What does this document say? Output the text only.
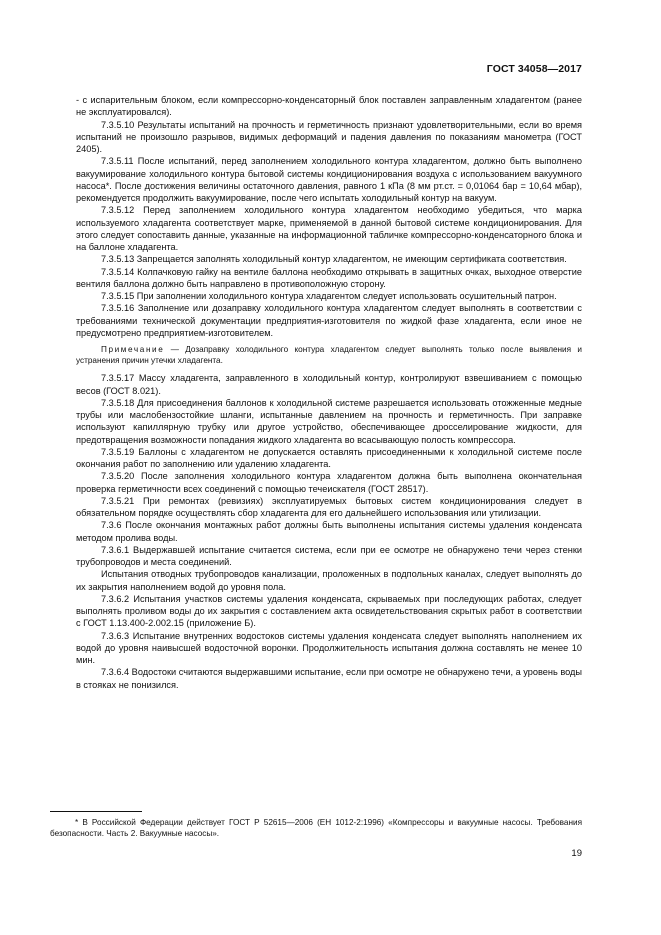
ГОСТ 34058—2017

- с испарительным блоком, если компрессорно-конденсаторный блок поставлен заправленным хладагентом (ранее не эксплуатировался).

7.3.5.10 Результаты испытаний на прочность и герметичность признают удовлетворительными, если во время испытаний не произошло разрывов, видимых деформаций и падения давления по показаниям манометра (ГОСТ 2405).

7.3.5.11 После испытаний, перед заполнением холодильного контура хладагентом, должно быть выполнено вакуумирование холодильного контура бытовой системы кондиционирования воздуха с использованием вакуумного насоса*. После достижения величины остаточного давления, равного 1 кПа (8 мм рт.ст. = 0,01064 бар = 10,64 мбар), рекомендуется продолжить вакуумирование, после чего испытать холодильный контур на вакуум.

7.3.5.12 Перед заполнением холодильного контура хладагентом необходимо убедиться, что марка используемого хладагента соответствует марке, применяемой в данной бытовой системе кондиционирования. Для этого следует сопоставить данные, указанные на информационной табличке компрессорно-конденсаторного блока и на баллоне хладагента.

7.3.5.13 Запрещается заполнять холодильный контур хладагентом, не имеющим сертификата соответствия.

7.3.5.14 Колпачковую гайку на вентиле баллона необходимо открывать в защитных очках, выходное отверстие вентиля баллона должно быть направлено в противоположную сторону.

7.3.5.15 При заполнении холодильного контура хладагентом следует использовать осушительный патрон.

7.3.5.16 Заполнение или дозаправку холодильного контура хладагентом следует выполнять в соответствии с требованиями технической документации предприятия-изготовителя по жидкой фазе хладагента, если иное не предусмотрено предприятием-изготовителем.

Примечание — Дозаправку холодильного контура хладагентом следует выполнять только после выявления и устранения причин утечки хладагента.

7.3.5.17 Массу хладагента, заправленного в холодильный контур, контролируют взвешиванием с помощью весов (ГОСТ 8.021).

7.3.5.18 Для присоединения баллонов к холодильной системе разрешается использовать отожженные медные трубы или маслобензостойкие шланги, испытанные давлением на прочность и герметичность. При заправке используют капиллярную трубку или другое устройство, обеспечивающее дросселирование жидкости, для предотвращения возможности попадания жидкого хладагента во всасывающую полость компрессора.

7.3.5.19 Баллоны с хладагентом не допускается оставлять присоединенными к холодильной системе после окончания работ по заполнению или удалению хладагента.

7.3.5.20 После заполнения холодильного контура хладагентом должна быть выполнена окончательная проверка герметичности всех соединений с помощью течеискателя (ГОСТ 28517).

7.3.5.21 При ремонтах (ревизиях) эксплуатируемых бытовых систем кондиционирования следует в обязательном порядке осуществлять сбор хладагента для его дальнейшего использования или утилизации.

7.3.6 После окончания монтажных работ должны быть выполнены испытания системы удаления конденсата методом пролива воды.

7.3.6.1 Выдержавшей испытание считается система, если при ее осмотре не обнаружено течи через стенки трубопроводов и места соединений.

Испытания отводных трубопроводов канализации, проложенных в подпольных каналах, следует выполнять до их закрытия наполнением водой до уровня пола.

7.3.6.2 Испытания участков системы удаления конденсата, скрываемых при последующих работах, следует выполнять проливом воды до их закрытия с составлением акта освидетельствования скрытых работ в соответствии с ГОСТ 1.13.400-2.002.15 (приложение Б).

7.3.6.3 Испытание внутренних водостоков системы удаления конденсата следует выполнять наполнением их водой до уровня наивысшей водосточной воронки. Продолжительность испытания должна составлять не менее 10 мин.

7.3.6.4 Водостоки считаются выдержавшими испытание, если при осмотре не обнаружено течи, а уровень воды в стояках не понизился.

* В Российской Федерации действует ГОСТ Р 52615—2006 (ЕН 1012-2:1996) «Компрессоры и вакуумные насосы. Требования безопасности. Часть 2. Вакуумные насосы».
19
